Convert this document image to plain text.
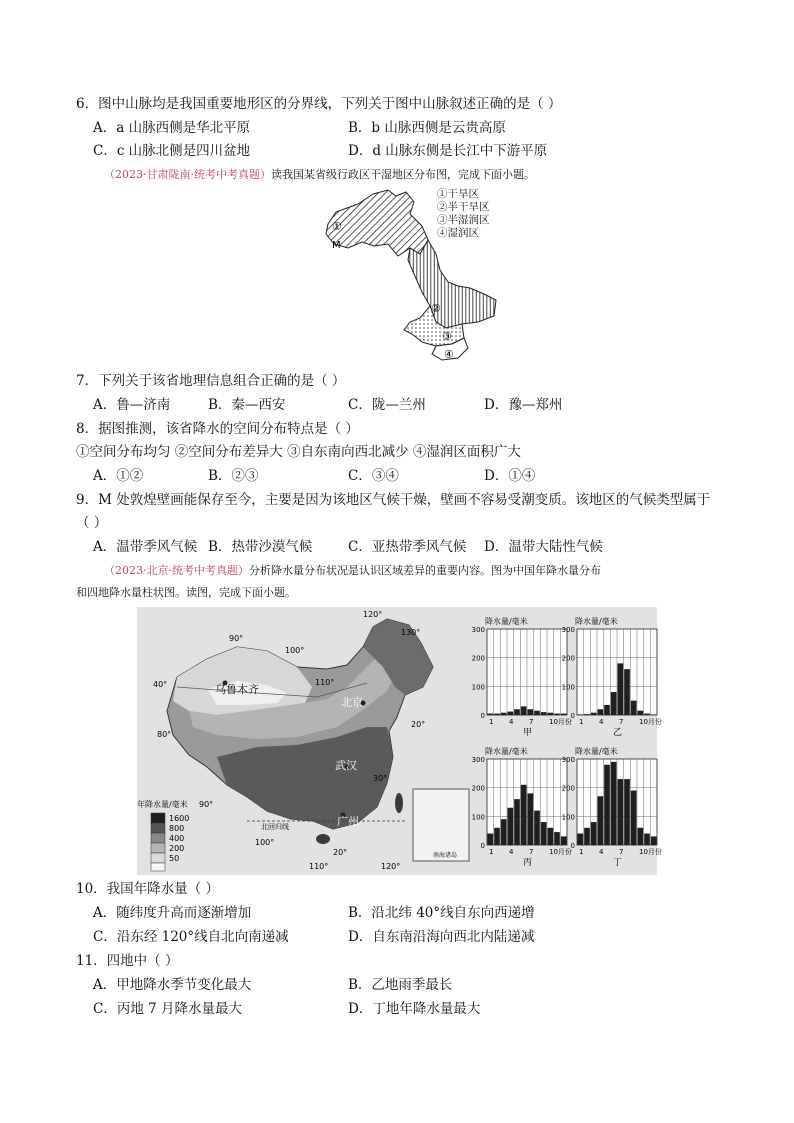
6．图中山脉均是我国重要地形区的分界线，下列关于图中山脉叙述正确的是（ ）
A．a 山脉西侧是华北平原	B．b 山脉西侧是云贵高原
C．c 山脉北侧是四川盆地	D．d 山脉东侧是长江中下游平原
（2023·甘肃陇南·统考中考真题）读我国某省级行政区干湿地区分布图，完成下面小题。
M
①
②
③
④
①干旱区
②半干旱区
③半湿润区
④湿润区
7．下列关于该省地理信息组合正确的是（ ）
A．鲁—济南	B．秦—西安	C．陇—兰州	D．豫—郑州
8．据图推测，该省降水的空间分布特点是（ ）
①空间分布均匀 ②空间分布差异大 ③自东南向西北减少 ④湿润区面积广大
A．①②	B．②③	C．③④	D．①④
9．M 处敦煌壁画能保存至今，主要是因为该地区气候干燥，壁画不容易受潮变质。该地区的气候类型属于
（ ）
A．温带季风气候 B．热带沙漠气候	C．亚热带季风气候 D．温带大陆性气候
（2023·北京·统考中考真题）分析降水量分布状况是认识区域差异的重要内容。图为中国年降水量分布
和四地降水量柱状图。读图，完成下面小题。
乌鲁木齐
北京
武汉
广州
120°
130°
90°
100°
110°
80°
90°
100°
110°	120°
40°
30°
20°
20°
北回归线
年降水量/毫米
1600
800
400
200
50	南海诸岛
降水量/毫米
300
200
100
0
1 4 7 10月份
甲
降水量/毫米
300
200
100
0
1 4 7 10月份
乙
降水量/毫米
300
200
100
0
1 4 7 10月份
丙
降水量/毫米
300
200
100
0
1 4 7 10月份
丁
10．我国年降水量（ ）
A．随纬度升高而逐渐增加	B．沿北纬 40°线自东向西递增
C．沿东经 120°线自北向南递减	D．自东南沿海向西北内陆递减
11．四地中（ ）
A．甲地降水季节变化最大	B．乙地雨季最长
C．丙地 7 月降水量最大	D．丁地年降水量最大
